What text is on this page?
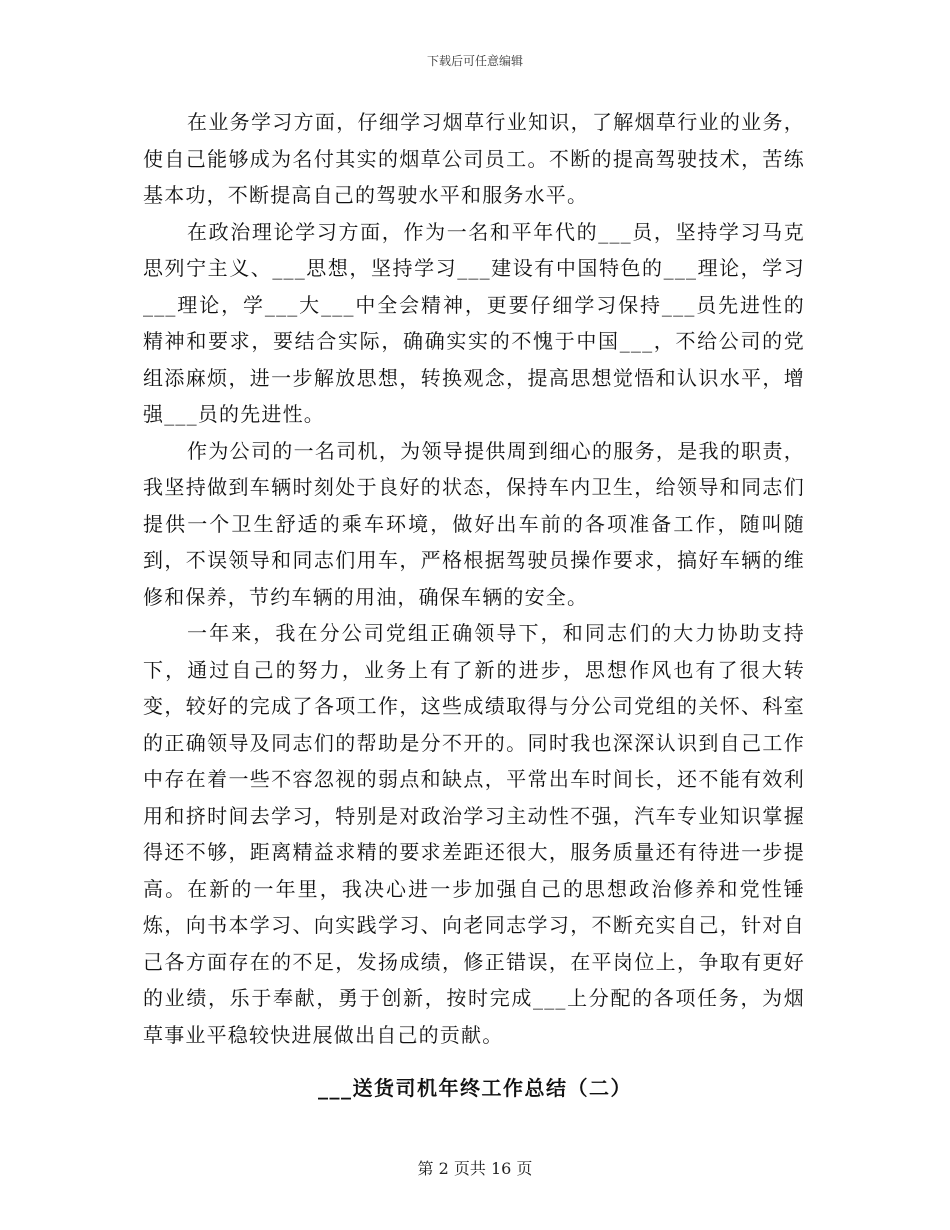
下载后可任意编辑

在业务学习方面，仔细学习烟草行业知识，了解烟草行业的业务，使自己能够成为名付其实的烟草公司员工。不断的提高驾驶技术，苦练基本功，不断提高自己的驾驶水平和服务水平。

在政治理论学习方面，作为一名和平年代的___员，坚持学习马克思列宁主义、___思想，坚持学习___建设有中国特色的___理论，学习___理论，学___大___中全会精神，更要仔细学习保持___员先进性的精神和要求，要结合实际，确确实实的不愧于中国___，不给公司的党组添麻烦，进一步解放思想，转换观念，提高思想觉悟和认识水平，增强___员的先进性。

作为公司的一名司机，为领导提供周到细心的服务，是我的职责，我坚持做到车辆时刻处于良好的状态，保持车内卫生，给领导和同志们提供一个卫生舒适的乘车环境，做好出车前的各项准备工作，随叫随到，不误领导和同志们用车，严格根据驾驶员操作要求，搞好车辆的维修和保养，节约车辆的用油，确保车辆的安全。

一年来，我在分公司党组正确领导下，和同志们的大力协助支持下，通过自己的努力，业务上有了新的进步，思想作风也有了很大转变，较好的完成了各项工作，这些成绩取得与分公司党组的关怀、科室的正确领导及同志们的帮助是分不开的。同时我也深深认识到自己工作中存在着一些不容忽视的弱点和缺点，平常出车时间长，还不能有效利用和挤时间去学习，特别是对政治学习主动性不强，汽车专业知识掌握得还不够，距离精益求精的要求差距还很大，服务质量还有待进一步提高。在新的一年里，我决心进一步加强自己的思想政治修养和党性锤炼，向书本学习、向实践学习、向老同志学习，不断充实自己，针对自己各方面存在的不足，发扬成绩，修正错误，在平岗位上，争取有更好的业绩，乐于奉献，勇于创新，按时完成___上分配的各项任务，为烟草事业平稳较快进展做出自己的贡献。

___送货司机年终工作总结（二）
第 2 页共 16 页
